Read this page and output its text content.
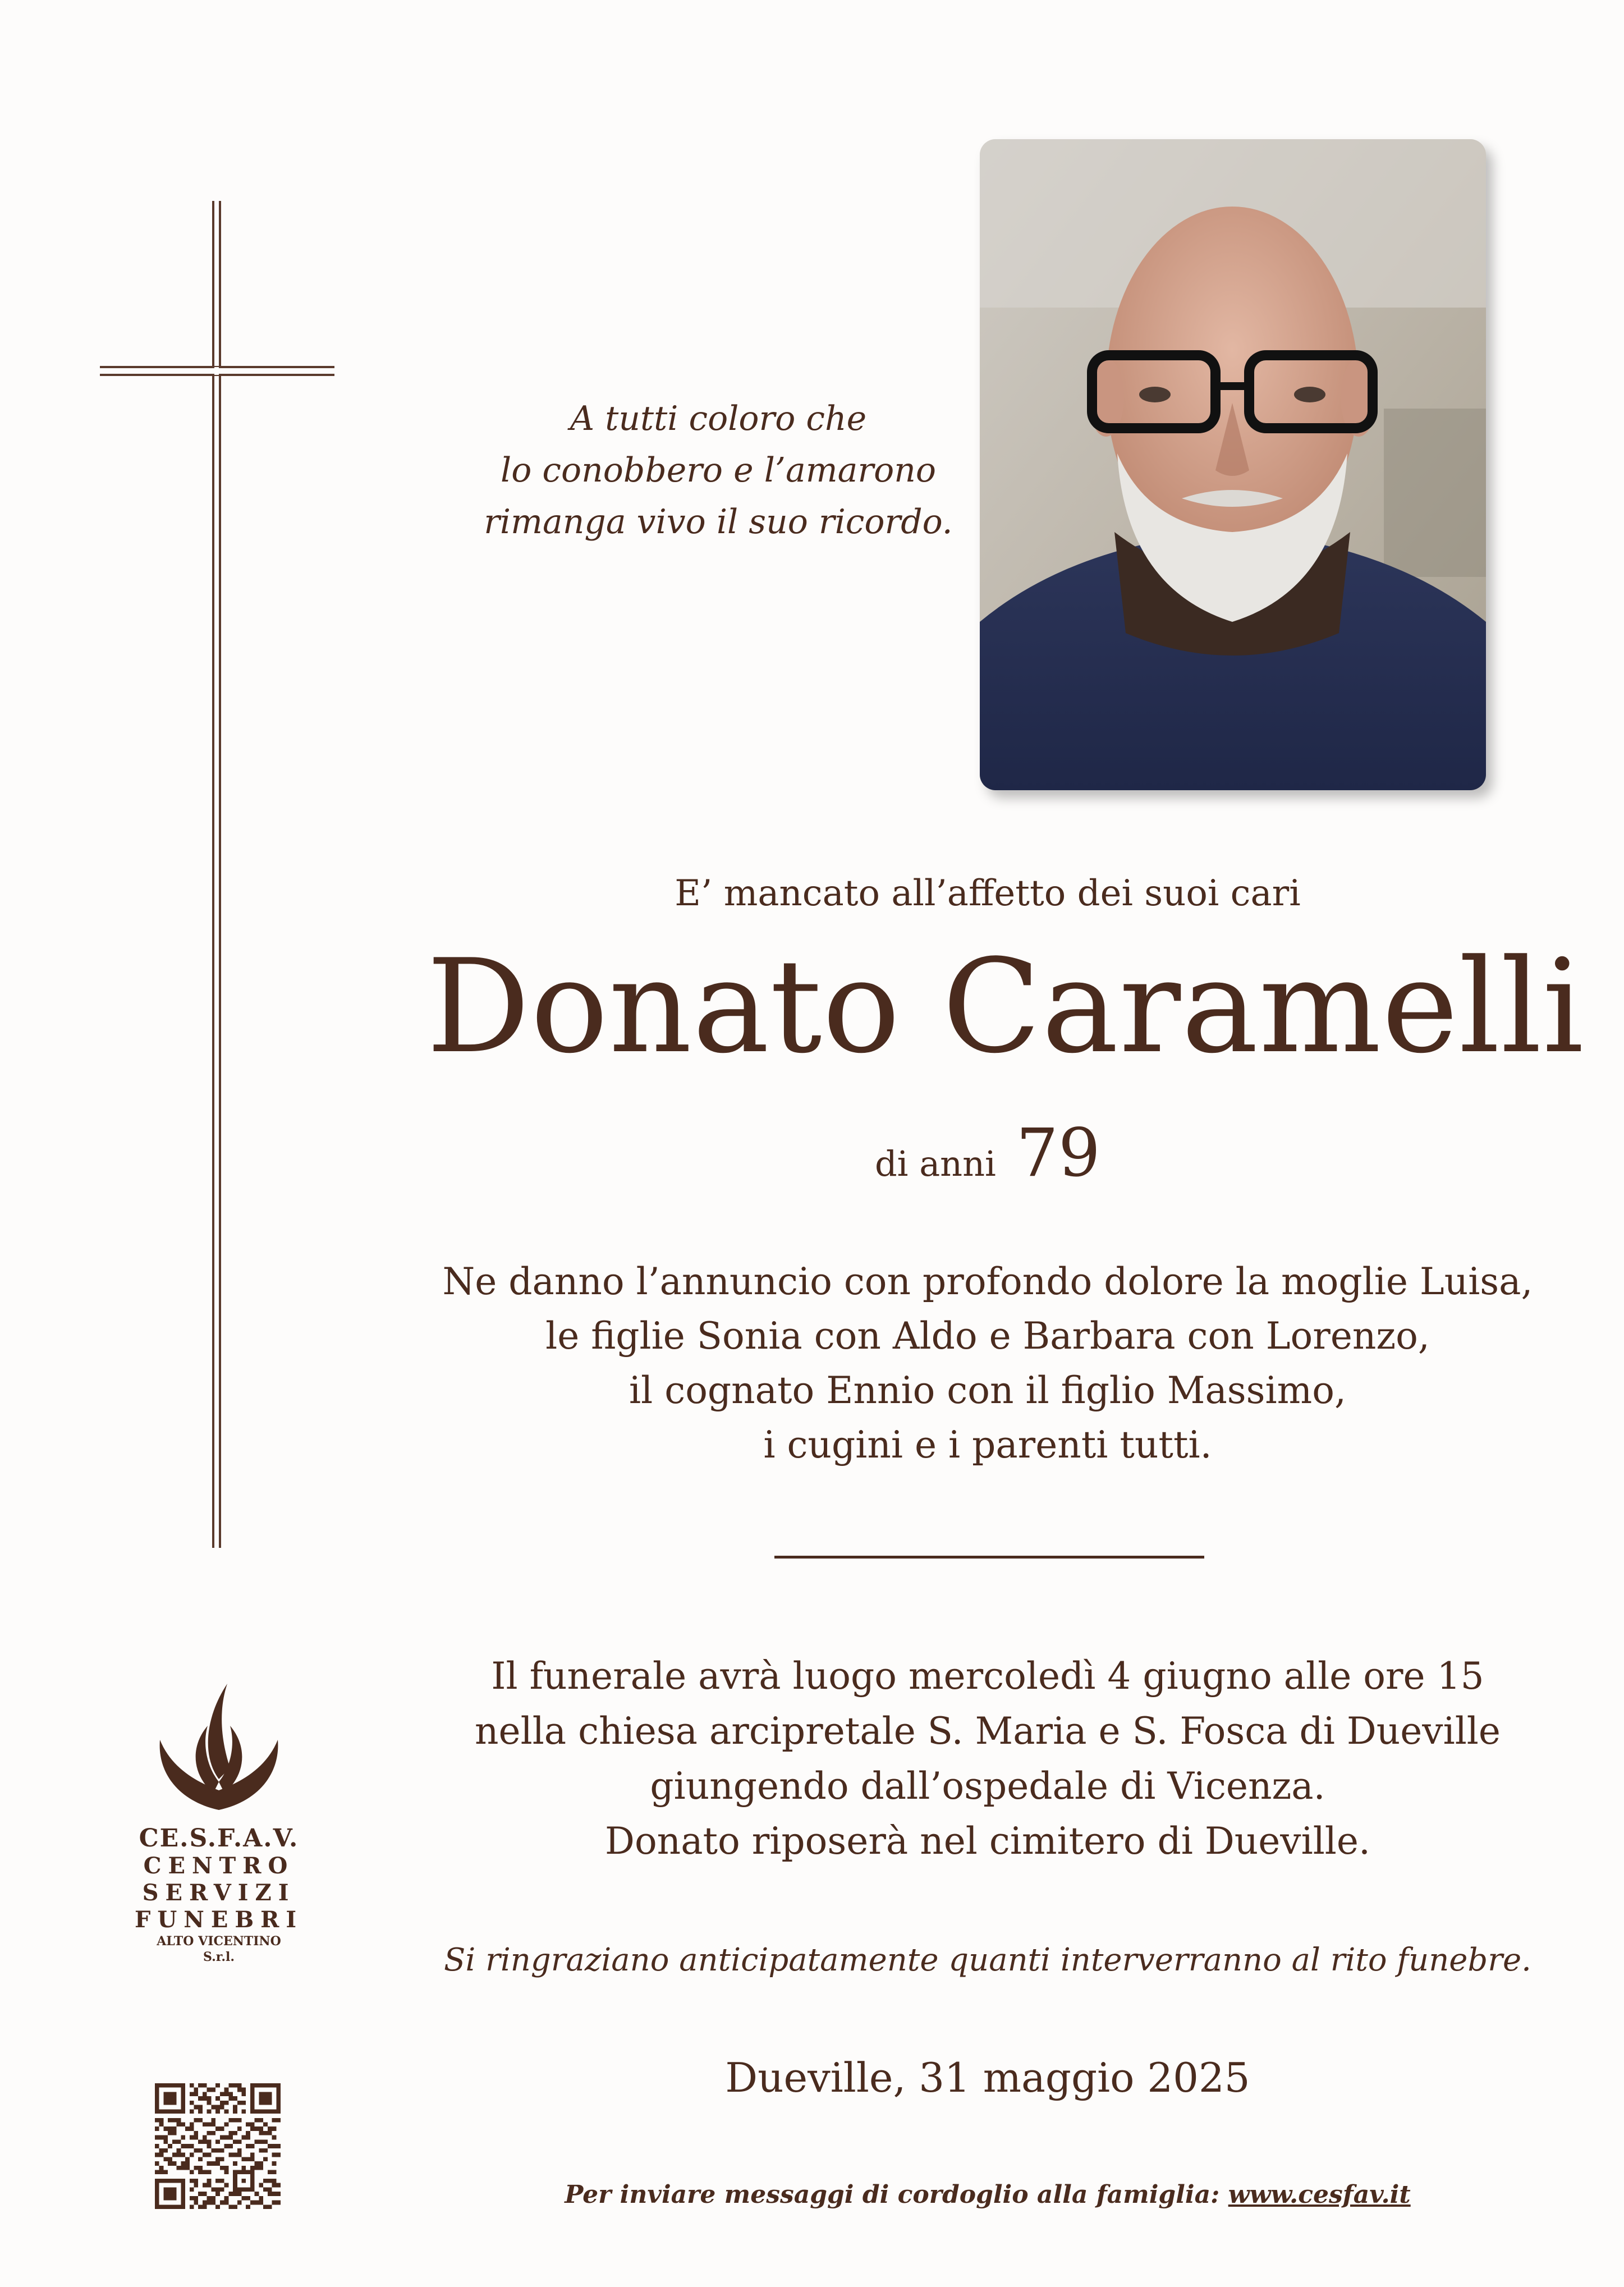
A tutti coloro che
lo conobbero e l’amarono
rimanga vivo il suo ricordo.
E’ mancato all’affetto dei suoi cari
Donato Caramelli
di anni 79
Ne danno l’annuncio con profondo dolore la moglie Luisa,
le figlie Sonia con Aldo e Barbara con Lorenzo,
il cognato Ennio con il figlio Massimo,
i cugini e i parenti tutti.
Il funerale avrà luogo mercoledì 4 giugno alle ore 15
nella chiesa arcipretale S. Maria e S. Fosca di Dueville
giungendo dall’ospedale di Vicenza.
Donato riposerà nel cimitero di Dueville.
Si ringraziano anticipatamente quanti interverranno al rito funebre.
Dueville, 31 maggio 2025
Per inviare messaggi di cordoglio alla famiglia: www.cesfav.it
CE.S.F.A.V.
CENTRO
SERVIZI
FUNEBRI
ALTO VICENTINO
S.r.l.
